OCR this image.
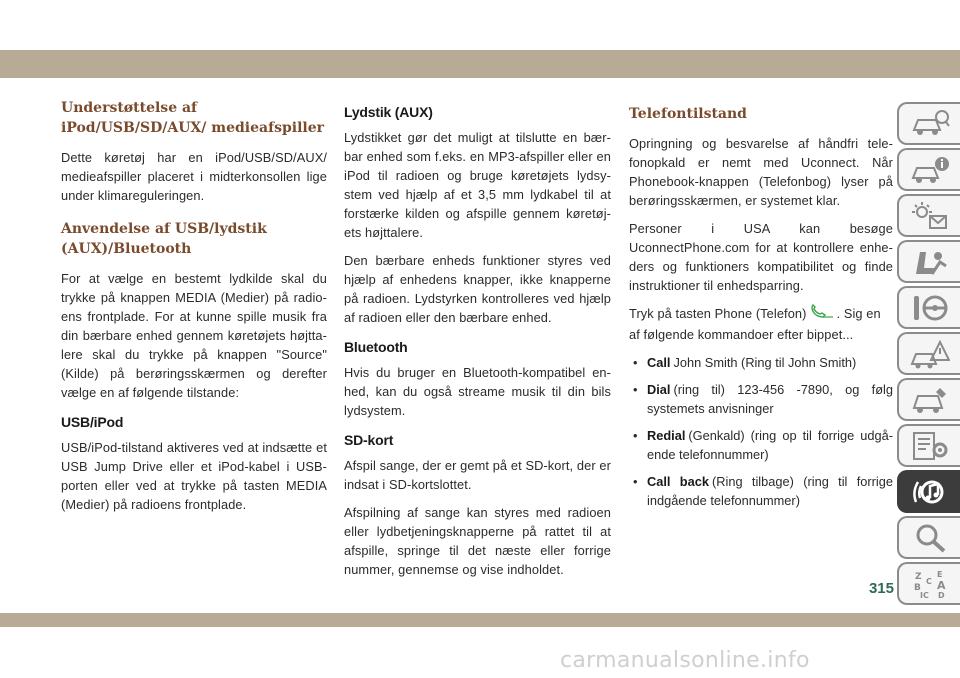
Understøttelse af iPod/USB/SD/AUX/ medieafspiller

Dette køretøj har en iPod/USB/SD/AUX/ medieafspiller placeret i midterkonsollen lige under klimareguleringen.

Anvendelse af USB/lydstik (AUX)/Bluetooth

For at vælge en bestemt lydkilde skal du trykke på knappen MEDIA (Medier) på radio-ens frontplade. For at kunne spille musik fra din bærbare enhed gennem køretøjets højtta-lere skal du trykke på knappen "Source" (Kilde) på berøringsskærmen og derefter vælge en af følgende tilstande:

USB/iPod

USB/iPod-tilstand aktiveres ved at indsætte et USB Jump Drive eller et iPod-kabel i USB-porten eller ved at trykke på tasten MEDIA (Medier) på radioens frontplade.

Lydstik (AUX)

Lydstikket gør det muligt at tilslutte en bær-bar enhed som f.eks. en MP3-afspiller eller en iPod til radioen og bruge køretøjets lydsy-stem ved hjælp af et 3,5 mm lydkabel til at forstærke kilden og afspille gennem køretøj-ets højttalere.

Den bærbare enheds funktioner styres ved hjælp af enhedens knapper, ikke knapperne på radioen. Lydstyrken kontrolleres ved hjælp af radioen eller den bærbare enhed.

Bluetooth

Hvis du bruger en Bluetooth-kompatibel en-hed, kan du også streame musik til din bils lydsystem.

SD-kort

Afspil sange, der er gemt på et SD-kort, der er indsat i SD-kortslottet.

Afspilning af sange kan styres med radioen eller lydbetjeningsknapperne på rattet til at afspille, springe til det næste eller forrige nummer, gennemse og vise indholdet.

Telefontilstand

Opringning og besvarelse af håndfri tele-fonopkald er nemt med Uconnect. Når Phonebook-knappen (Telefonbog) lyser på berøringsskærmen, er systemet klar.

Personer i USA kan besøge UconnectPhone.com for at kontrollere enhe-ders og funktioners kompatibilitet og finde instruktioner til enhedsparring.

Tryk på tasten Phone (Telefon) . Sig en af følgende kommandoer efter bippet...

• Call John Smith (Ring til John Smith)
• Dial (ring til) 123-456 -7890, og følg systemets anvisninger
• Redial (Genkald) (ring op til forrige udgå-ende telefonnummer)
• Call back (Ring tilbage) (ring til forrige indgående telefonnummer)
Z E
B A
C
IC D
315
carmanualsonline.info
